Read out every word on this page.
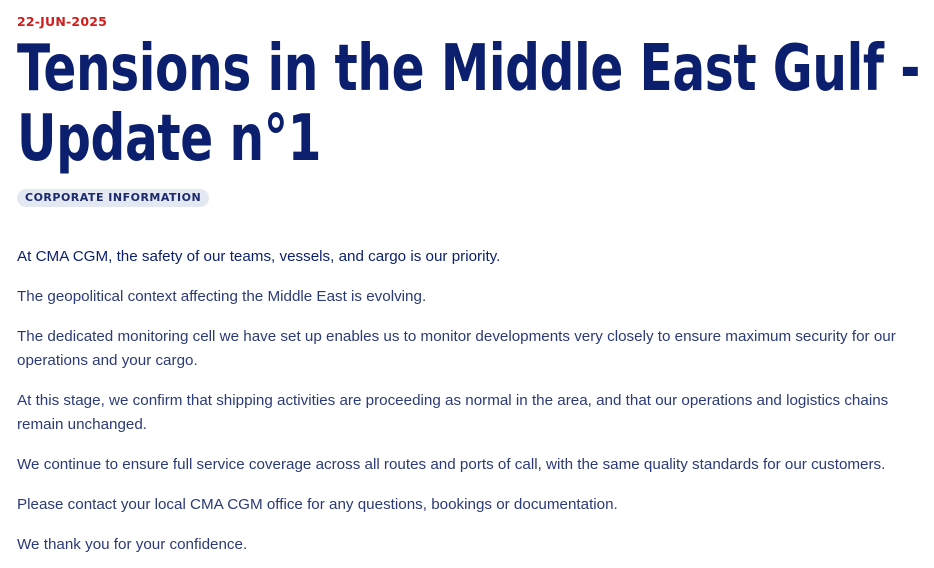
22-JUN-2025
Tensions in the Middle East Gulf -
Update n°1
CORPORATE INFORMATION

At CMA CGM, the safety of our teams, vessels, and cargo is our priority.

The geopolitical context affecting the Middle East is evolving.

The dedicated monitoring cell we have set up enables us to monitor developments very closely to ensure maximum security for our operations and your cargo.

At this stage, we confirm that shipping activities are proceeding as normal in the area, and that our operations and logistics chains remain unchanged.

We continue to ensure full service coverage across all routes and ports of call, with the same quality standards for our customers.

Please contact your local CMA CGM office for any questions, bookings or documentation.

We thank you for your confidence.
